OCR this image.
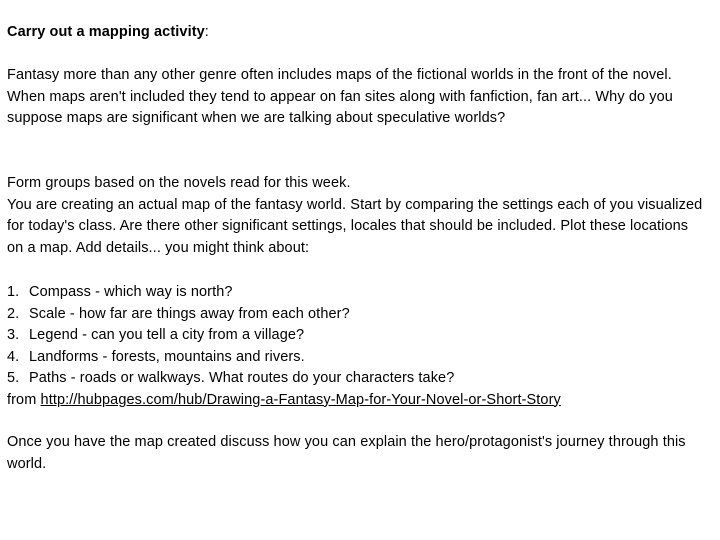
Carry out a mapping activity:

Fantasy more than any other genre often includes maps of the fictional worlds in the front of the novel. When maps aren't included they tend to appear on fan sites along with fanfiction, fan art... Why do you suppose maps are significant when we are talking about speculative worlds?

Form groups based on the novels read for this week.

You are creating an actual map of the fantasy world. Start by comparing the settings each of you visualized for today's class. Are there other significant settings, locales that should be included. Plot these locations on a map. Add details... you might think about:

1. Compass - which way is north?
2. Scale - how far are things away from each other?
3. Legend - can you tell a city from a village?
4. Landforms - forests, mountains and rivers.
5. Paths - roads or walkways. What routes do your characters take?
from http://hubpages.com/hub/Drawing-a-Fantasy-Map-for-Your-Novel-or-Short-Story

Once you have the map created discuss how you can explain the hero/protagonist's journey through this world.
